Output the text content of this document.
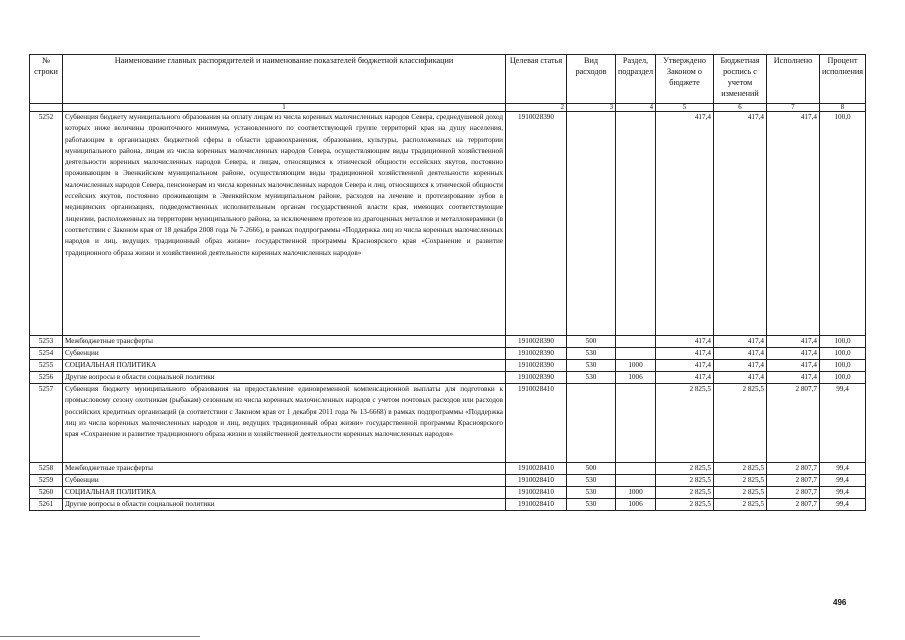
№ строки	Наименование главных распорядителей и наименование показателей бюджетной классификации	Целевая статья	Вид расходов	Раздел, подраздел	Утверждено Законом о бюджете	Бюджетная роспись с учетом изменений	Исполнено	Процент исполнения
	1	2	3	4	5	6	7	8
5252	Субвенция бюджету муниципального образования на оплату лицам из числа коренных малочисленных народов Севера, среднедушевой доход которых ниже величины прожиточного минимума, установленного по соответствующей группе территорий края на душу населения, работающим в организациях бюджетной сферы в области здравоохранения, образования, культуры, расположенных на территории муниципального района, лицам из числа коренных малочисленных народов Севера, осуществляющим виды традиционной хозяйственной деятельности коренных малочисленных народов Севера, и лицам, относящимся к этнической общности ессейских якутов, постоянно проживающим в Эвенкийском муниципальном районе, осуществляющим виды традиционной хозяйственной деятельности коренных малочисленных народов Севера, пенсионерам из числа коренных малочисленных народов Севера и лиц, относящихся к этнической общности ессейских якутов, постоянно проживающим в Эвенкийском муниципальном районе, расходов на лечение и протезирование зубов в медицинских организациях, подведомственных исполнительным органам государственной власти края, имеющих соответствующие лицензии, расположенных на территории муниципального района, за исключением протезов из драгоценных металлов и металлокерамики (в соответствии с Законом края от 18 декабря 2008 года № 7-2666), в рамках подпрограммы «Поддержка лиц из числа коренных малочисленных народов и лиц, ведущих традиционный образ жизни» государственной программы Красноярского края «Сохранение и развитие традиционного образа жизни и хозяйственной деятельности коренных малочисленных народов»	1910028390			417,4	417,4	417,4	100,0
5253	Межбюджетные трансферты	1910028390	500		417,4	417,4	417,4	100,0
5254	Субвенции	1910028390	530		417,4	417,4	417,4	100,0
5255	СОЦИАЛЬНАЯ ПОЛИТИКА	1910028390	530	1000	417,4	417,4	417,4	100,0
5256	Другие вопросы в области социальной политики	1910028390	530	1006	417,4	417,4	417,4	100,0
5257	Субвенция бюджету муниципального образования на предоставление единовременной компенсационной выплаты для подготовки к промысловому сезону охотникам (рыбакам) сезонным из числа коренных малочисленных народов с учетом почтовых расходов или расходов российских кредитных организаций (в соответствии с Законом края от 1 декабря 2011 года № 13-6668) в рамках подпрограммы «Поддержка лиц из числа коренных малочисленных народов и лиц, ведущих традиционный образ жизни» государственной программы Красноярского края «Сохранение и развитие традиционного образа жизни и хозяйственной деятельности коренных малочисленных народов»	1910028410			2 825,5	2 825,5	2 807,7	99,4
5258	Межбюджетные трансферты	1910028410	500		2 825,5	2 825,5	2 807,7	99,4
5259	Субвенции	1910028410	530		2 825,5	2 825,5	2 807,7	99,4
5260	СОЦИАЛЬНАЯ ПОЛИТИКА	1910028410	530	1000	2 825,5	2 825,5	2 807,7	99,4
5261	Другие вопросы в области социальной политики	1910028410	530	1006	2 825,5	2 825,5	2 807,7	99,4
496
